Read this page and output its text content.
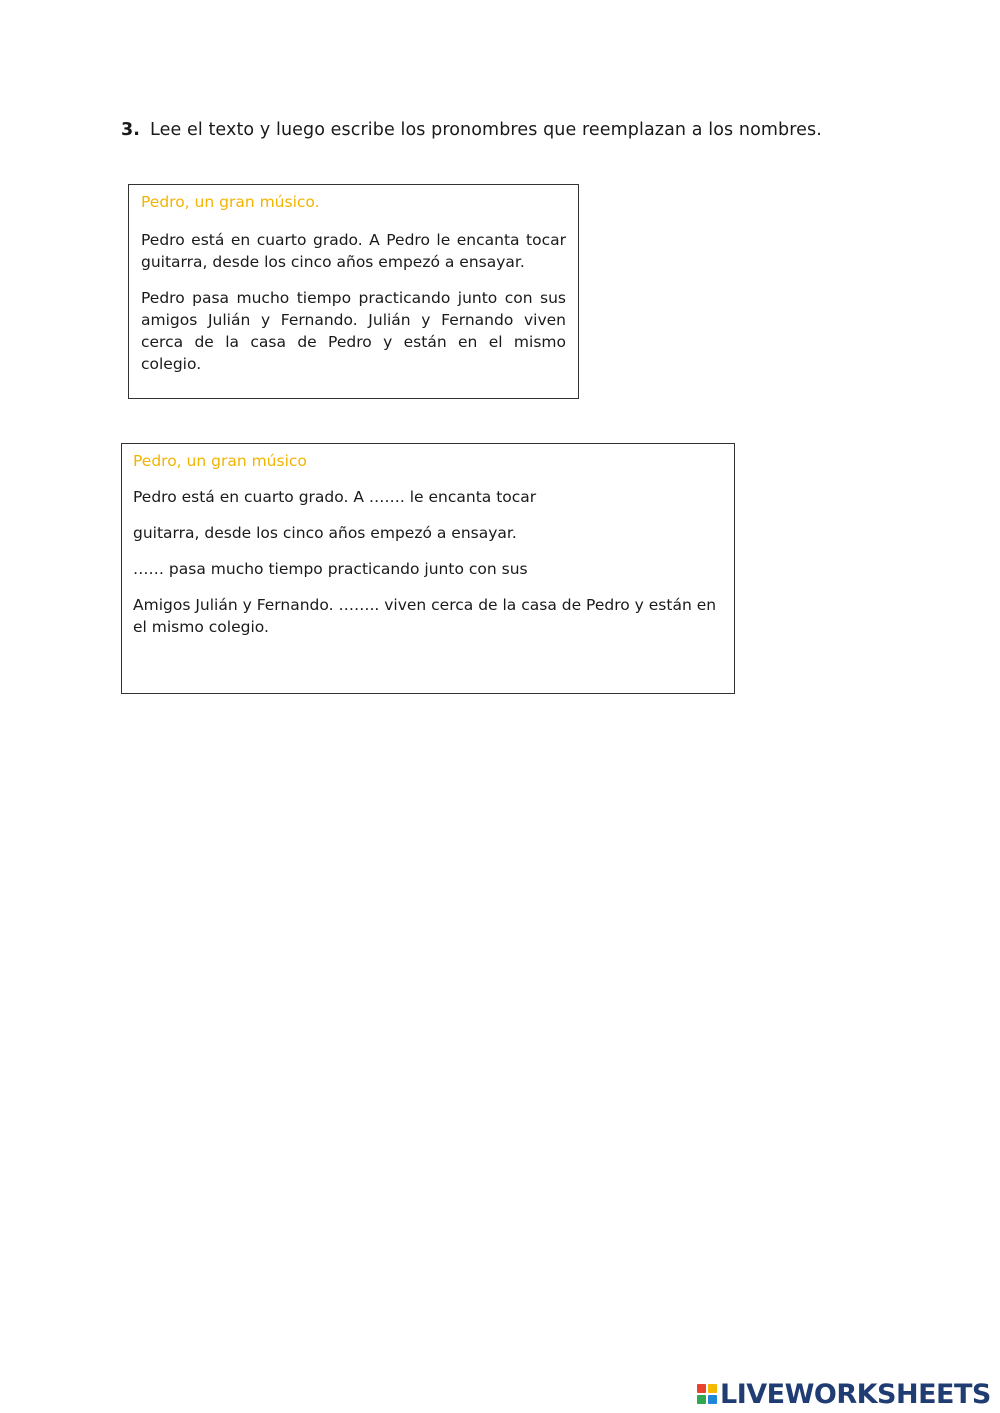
3. Lee el texto y luego escribe los pronombres que reemplazan a los nombres.
Pedro, un gran músico.

Pedro está en cuarto grado. A Pedro le encanta tocar guitarra, desde los cinco años empezó a ensayar.

Pedro pasa mucho tiempo practicando junto con sus amigos Julián y Fernando. Julián y Fernando viven cerca de la casa de Pedro y están en el mismo colegio.

Pedro, un gran músico

Pedro está en cuarto grado. A ……. le encanta tocar

guitarra, desde los cinco años empezó a ensayar.

…… pasa mucho tiempo practicando junto con sus

Amigos Julián y Fernando. …….. viven cerca de la casa de Pedro y están en el mismo colegio.

LIVEWORKSHEETS
